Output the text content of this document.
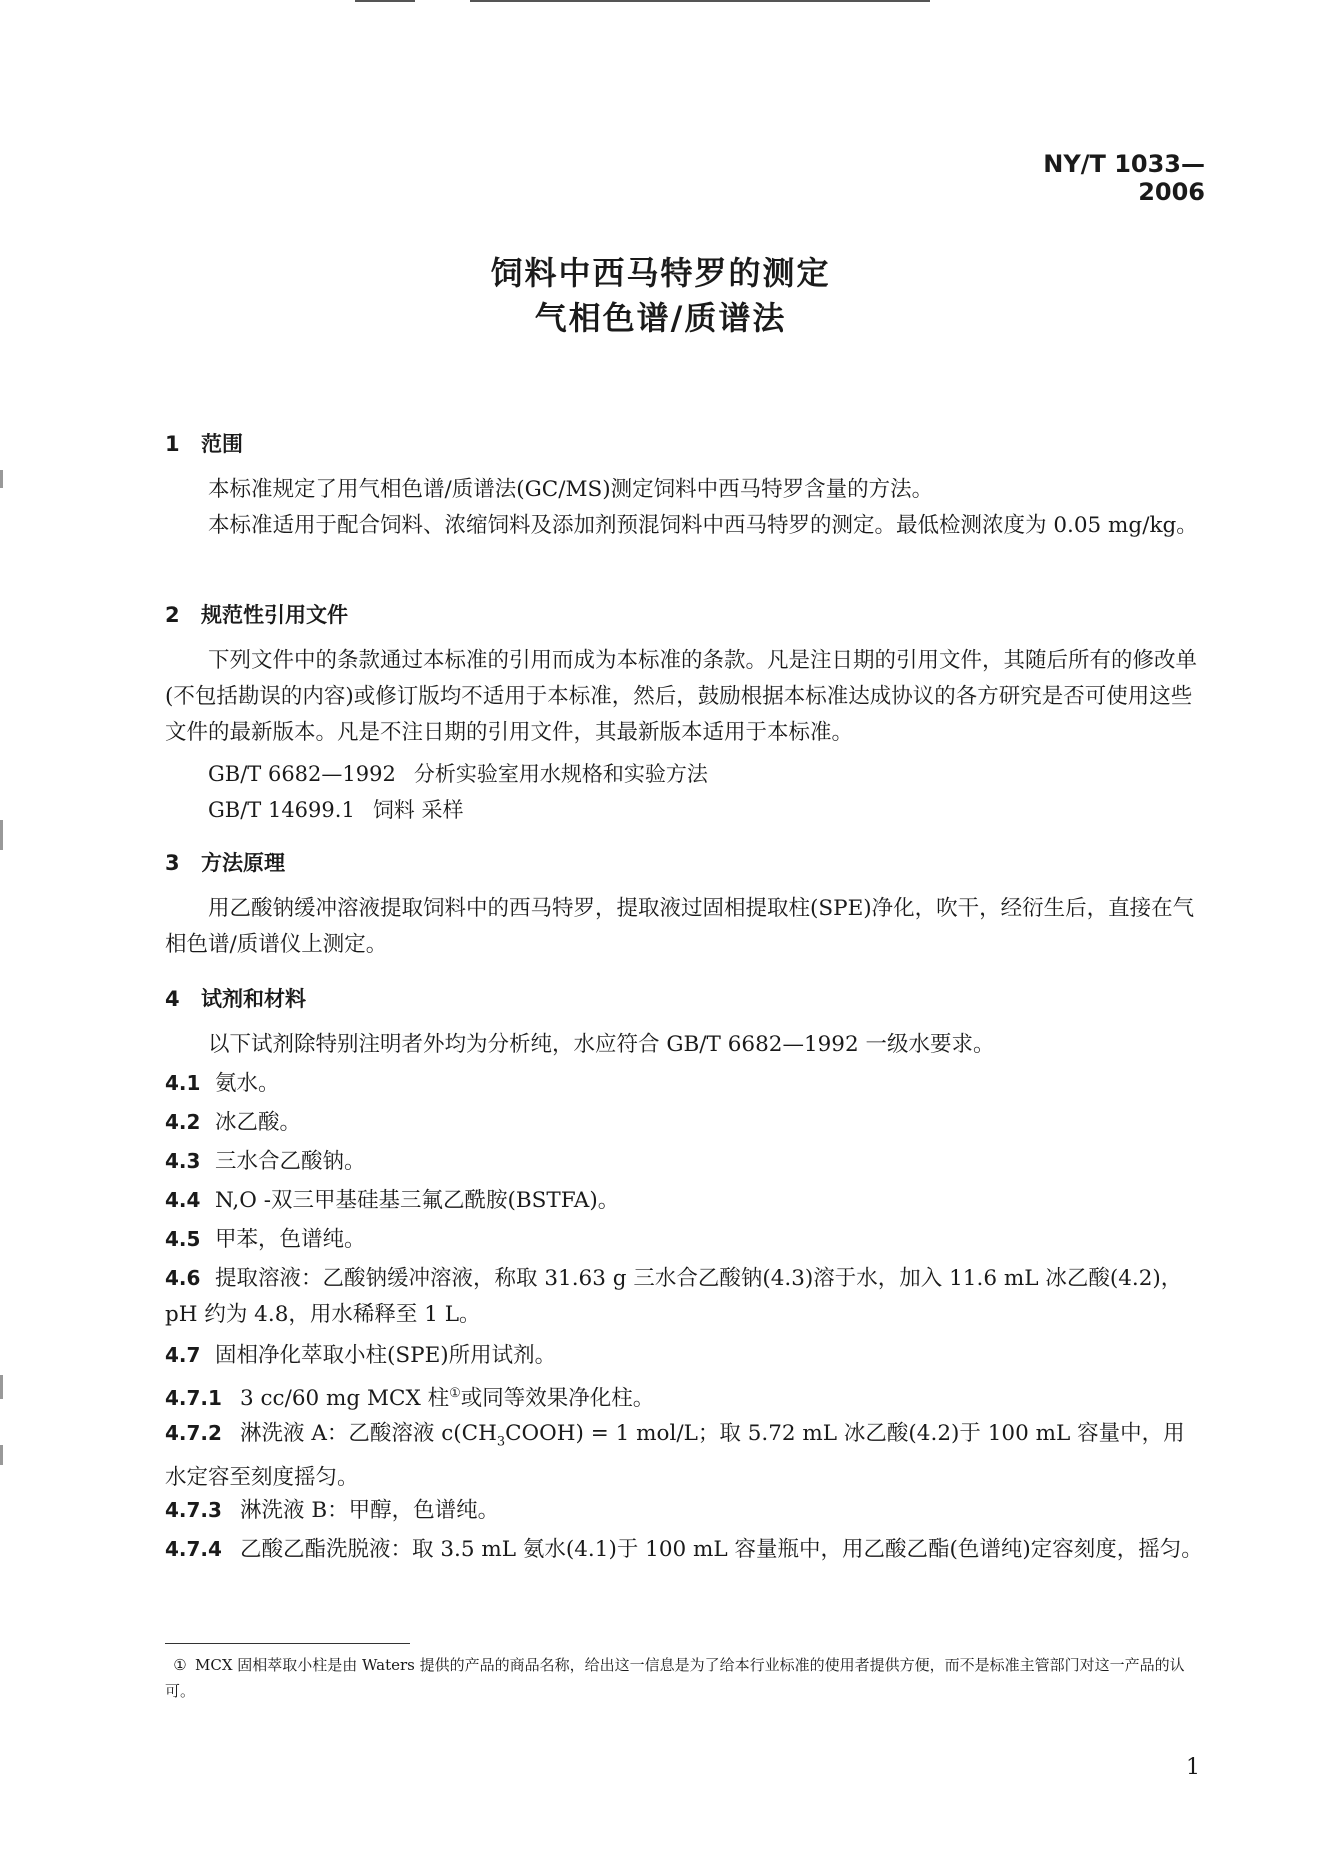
NY/T 1033—2006
饲料中西马特罗的测定
气相色谱/质谱法
1 范围
本标准规定了用气相色谱/质谱法(GC/MS)测定饲料中西马特罗含量的方法。
本标准适用于配合饲料、浓缩饲料及添加剂预混饲料中西马特罗的测定。最低检测浓度为 0.05 mg/kg。
2 规范性引用文件
下列文件中的条款通过本标准的引用而成为本标准的条款。凡是注日期的引用文件，其随后所有的修改单(不包括勘误的内容)或修订版均不适用于本标准，然后，鼓励根据本标准达成协议的各方研究是否可使用这些文件的最新版本。凡是不注日期的引用文件，其最新版本适用于本标准。
GB/T 6682—1992 分析实验室用水规格和实验方法
GB/T 14699.1 饲料 采样
3 方法原理
用乙酸钠缓冲溶液提取饲料中的西马特罗，提取液过固相提取柱(SPE)净化，吹干，经衍生后，直接在气相色谱/质谱仪上测定。
4 试剂和材料
以下试剂除特别注明者外均为分析纯，水应符合 GB/T 6682—1992 一级水要求。
4.1 氨水。
4.2 冰乙酸。
4.3 三水合乙酸钠。
4.4 N,O -双三甲基硅基三氟乙酰胺(BSTFA)。
4.5 甲苯，色谱纯。
4.6 提取溶液：乙酸钠缓冲溶液，称取 31.63 g 三水合乙酸钠(4.3)溶于水，加入 11.6 mL 冰乙酸(4.2)，pH 约为 4.8，用水稀释至 1 L。
4.7 固相净化萃取小柱(SPE)所用试剂。
4.7.1 3 cc/60 mg MCX 柱①或同等效果净化柱。
4.7.2 淋洗液 A：乙酸溶液 $c(CH_3COOH) = 1$ mol/L；取 5.72 mL 冰乙酸(4.2)于 100 mL 容量中，用水定容至刻度摇匀。
4.7.3 淋洗液 B：甲醇，色谱纯。
4.7.4 乙酸乙酯洗脱液：取 3.5 mL 氨水(4.1)于 100 mL 容量瓶中，用乙酸乙酯(色谱纯)定容刻度，摇匀。
① MCX 固相萃取小柱是由 Waters 提供的产品的商品名称，给出这一信息是为了给本行业标准的使用者提供方便，而不是标准主管部门对这一产品的认可。
1
